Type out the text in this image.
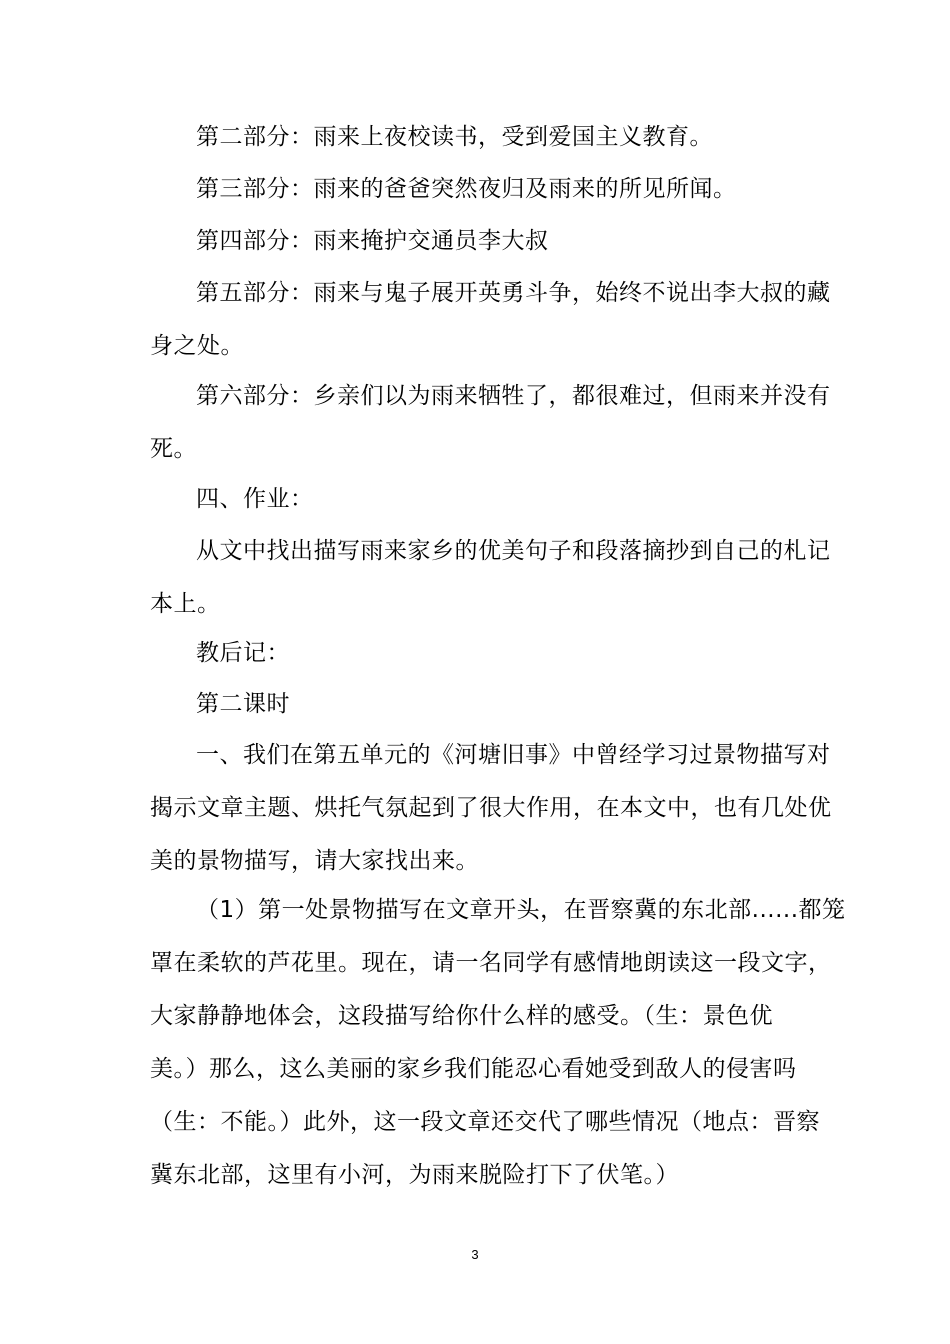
第二部分：雨来上夜校读书，受到爱国主义教育。
第三部分：雨来的爸爸突然夜归及雨来的所见所闻。
第四部分：雨来掩护交通员李大叔
第五部分：雨来与鬼子展开英勇斗争，始终不说出李大叔的藏
身之处。
第六部分：乡亲们以为雨来牺牲了，都很难过，但雨来并没有
死。
四、作业：
从文中找出描写雨来家乡的优美句子和段落摘抄到自己的札记
本上。
教后记：
第二课时
一、我们在第五单元的《河塘旧事》中曾经学习过景物描写对
揭示文章主题、烘托气氛起到了很大作用，在本文中，也有几处优
美的景物描写，请大家找出来。
（1）第一处景物描写在文章开头，在晋察冀的东北部......都笼
罩在柔软的芦花里。现在，请一名同学有感情地朗读这一段文字，
大家静静地体会，这段描写给你什么样的感受。（生：景色优
美。）那么，这么美丽的家乡我们能忍心看她受到敌人的侵害吗
（生：不能。）此外，这一段文章还交代了哪些情况（地点：晋察
冀东北部，这里有小河，为雨来脱险打下了伏笔。）
3
